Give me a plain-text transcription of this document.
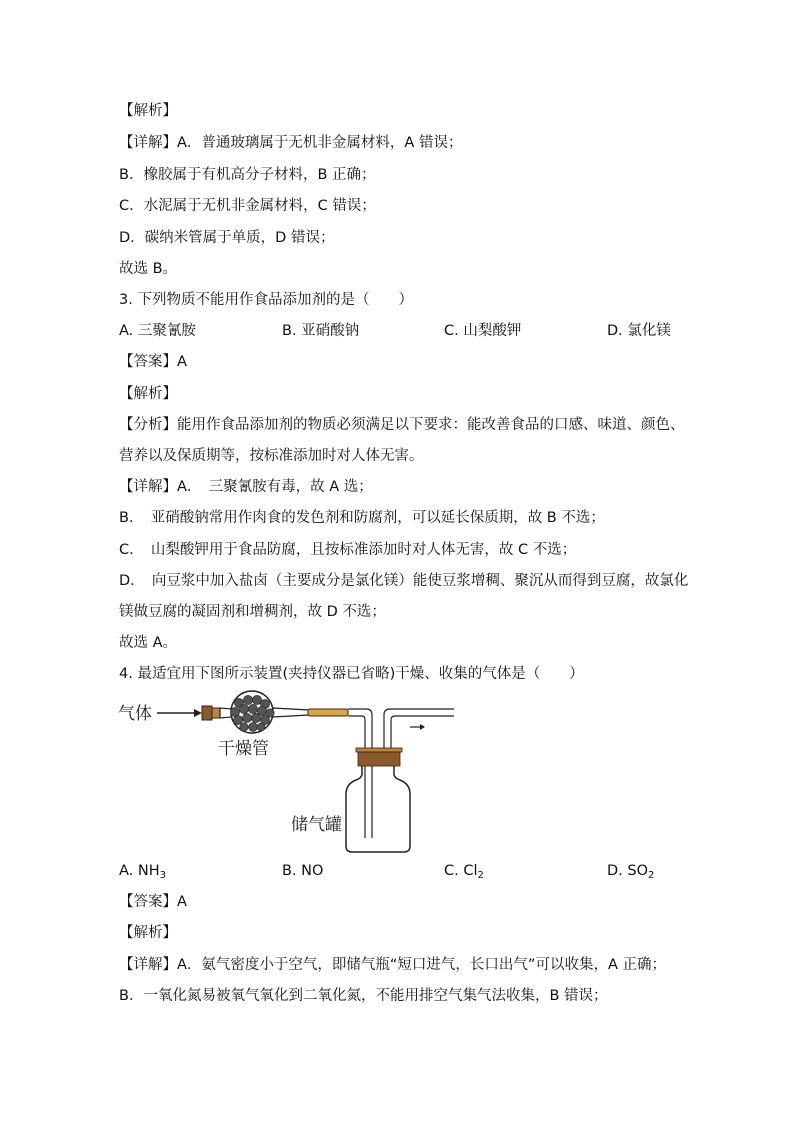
【解析】
【详解】A．普通玻璃属于无机非金属材料，A 错误；
B．橡胶属于有机高分子材料，B 正确；
C．水泥属于无机非金属材料，C 错误；
D．碳纳米管属于单质，D 错误；
故选 B。
3. 下列物质不能用作食品添加剂的是（　　）
A. 三聚氰胺	B. 亚硝酸钠	C. 山梨酸钾	D. 氯化镁
【答案】A
【解析】
【分析】能用作食品添加剂的物质必须满足以下要求：能改善食品的口感、味道、颜色、
营养以及保质期等，按标准添加时对人体无害。
【详解】A．　三聚氰胺有毒，故 A 选；
B．　亚硝酸钠常用作肉食的发色剂和防腐剂，可以延长保质期，故 B 不选；
C．　山梨酸钾用于食品防腐，且按标准添加时对人体无害，故 C 不选；
D．　向豆浆中加入盐卤（主要成分是氯化镁）能使豆浆增稠、聚沉从而得到豆腐，故氯化
镁做豆腐的凝固剂和增稠剂，故 D 不选；
故选 A。
4. 最适宜用下图所示装置(夹持仪器已省略)干燥、收集的气体是（　　）
气体
干燥管
储气罐
A. $NH_3$	B. NO	C. $Cl_2$	D. $SO_2$
【答案】A
【解析】
【详解】A．氨气密度小于空气，即储气瓶“短口进气，长口出气”可以收集，A 正确；
B．一氧化氮易被氧气氧化到二氧化氮，不能用排空气集气法收集，B 错误；
